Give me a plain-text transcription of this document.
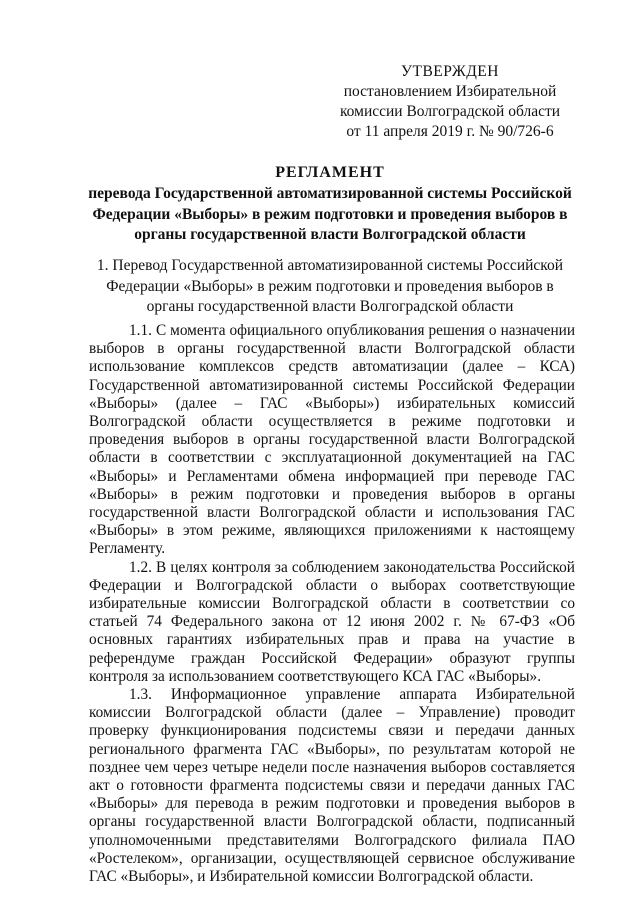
УТВЕРЖДЕН
постановлением Избирательной
комиссии Волгоградской области
от 11 апреля 2019 г. № 90/726-6
РЕГЛАМЕНТ
перевода Государственной автоматизированной системы Российской Федерации «Выборы» в режим подготовки и проведения выборов в органы государственной власти Волгоградской области
1. Перевод Государственной автоматизированной системы Российской Федерации «Выборы» в режим подготовки и проведения выборов в органы государственной власти Волгоградской области

1.1. С момента официального опубликования решения о назначении выборов в органы государственной власти Волгоградской области использование комплексов средств автоматизации (далее – КСА) Государственной автоматизированной системы Российской Федерации «Выборы» (далее – ГАС «Выборы») избирательных комиссий Волгоградской области осуществляется в режиме подготовки и проведения выборов в органы государственной власти Волгоградской области в соответствии с эксплуатационной документацией на ГАС «Выборы» и Регламентами обмена информацией при переводе ГАС «Выборы» в режим подготовки и проведения выборов в органы государственной власти Волгоградской области и использования ГАС «Выборы» в этом режиме, являющихся приложениями к настоящему Регламенту.

1.2. В целях контроля за соблюдением законодательства Российской Федерации и Волгоградской области о выборах соответствующие избирательные комиссии Волгоградской области в соответствии со статьей 74 Федерального закона от 12 июня 2002 г. № 67-ФЗ «Об основных гарантиях избирательных прав и права на участие в референдуме граждан Российской Федерации» образуют группы контроля за использованием соответствующего КСА ГАС «Выборы».

1.3. Информационное управление аппарата Избирательной комиссии Волгоградской области (далее – Управление) проводит проверку функционирования подсистемы связи и передачи данных регионального фрагмента ГАС «Выборы», по результатам которой не позднее чем через четыре недели после назначения выборов составляется акт о готовности фрагмента подсистемы связи и передачи данных ГАС «Выборы» для перевода в режим подготовки и проведения выборов в органы государственной власти Волгоградской области, подписанный уполномоченными представителями Волгоградского филиала ПАО «Ростелеком», организации, осуществляющей сервисное обслуживание ГАС «Выборы», и Избирательной комиссии Волгоградской области.
